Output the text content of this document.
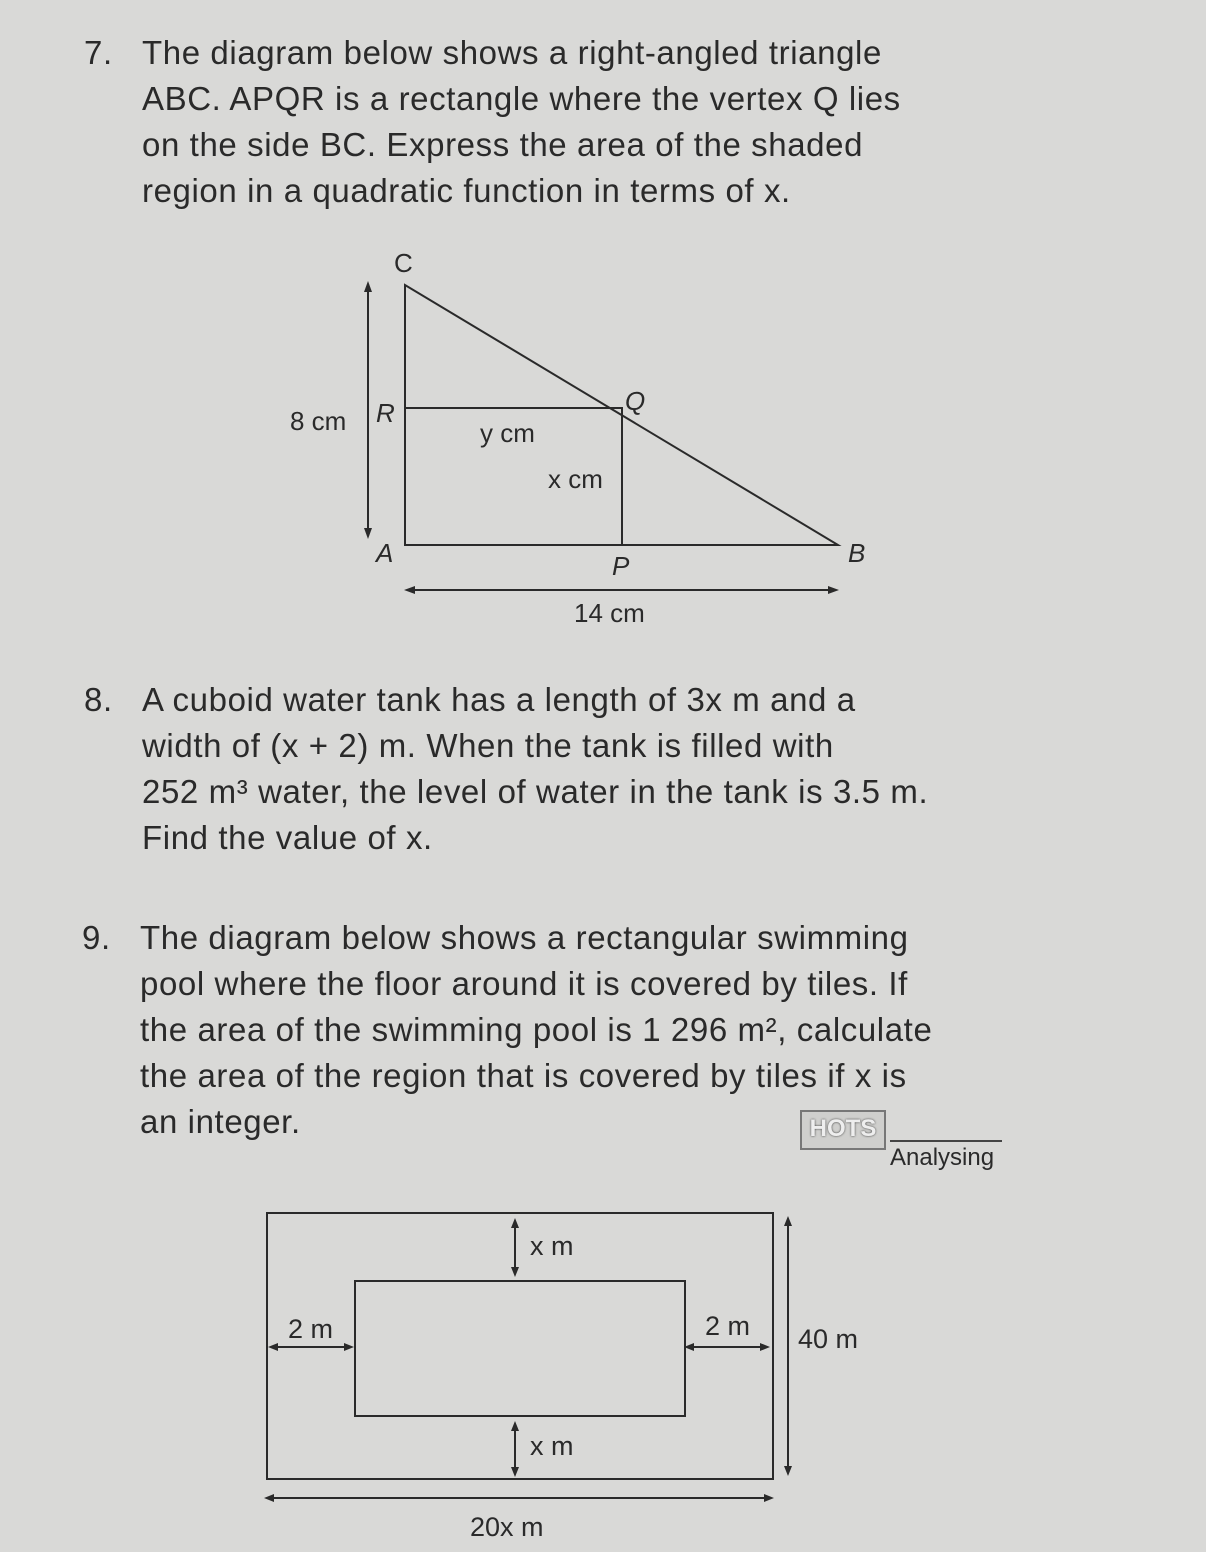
7. The diagram below shows a right-angled triangle

ABC. APQR is a rectangle where the vertex Q lies

on the side BC. Express the area of the shaded

region in a quadratic function in terms of x.

C
Q
R
A	P	B
8 cm	y cm
x cm
14 cm
x m
x m
2 m	2 m 40 m
20x m
8. A cuboid water tank has a length of 3x m and a

width of (x + 2) m. When the tank is filled with

252 m³ water, the level of water in the tank is 3.5 m.

Find the value of x.

9. The diagram below shows a rectangular swimming

pool where the floor around it is covered by tiles. If

the area of the swimming pool is 1 296 m², calculate

the area of the region that is covered by tiles if x is

an integer.	HOTS
Analysing
